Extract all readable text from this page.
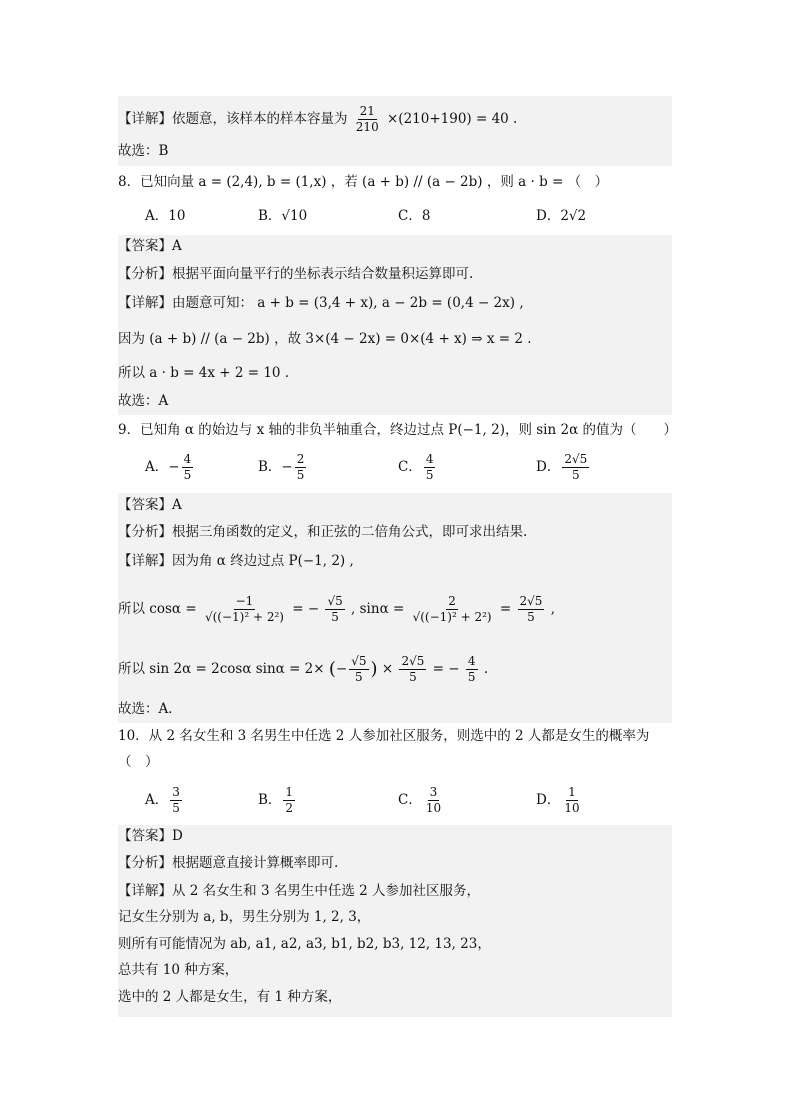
【详解】依题意，该样本的样本容量为 $\frac{21}{210} \times(210+190) = 40$ .
故选：B
8．已知向量 a = (2,4), b = (1,x) ，若 (a + b) // (a − 2b) ，则 a · b = （　）
A．10	B．√10	C．8	D．2√2
【答案】A
【分析】根据平面向量平行的坐标表示结合数量积运算即可.
【详解】由题意可知： a + b = (3,4 + x), a − 2b = (0,4 − 2x) ,
因为 (a + b) // (a − 2b) ，故 3×(4 − 2x) = 0×(4 + x) ⇒ x = 2 .
所以 a · b = 4x + 2 = 10 .
故选：A
9．已知角 α 的始边与 x 轴的非负半轴重合，终边过点 P(−1, 2)，则 sin 2α 的值为（　　）
A．− $\frac{4}{5}$	B．− $\frac{2}{5}$	C． $\frac{4}{5}$	D． $\frac{2√5}{5}$
【答案】A
【分析】根据三角函数的定义，和正弦的二倍角公式，即可求出结果.
【详解】因为角 α 终边过点 P(−1, 2) ,
所以 $\cos\alpha = \frac{-1}{\text{√((−1)² + 2²)}}$ = − $\frac{√5}{5}$ , $\sin\alpha = \frac{2}{\text{√((−1)² + 2²)}} = \frac{2√5}{5}$ ,
所以 sin 2α = 2cosα sinα = 2× (− $\frac{√5}{5}$ ) × $\frac{2√5}{5}$ = − $\frac{4}{5}$ .
故选：A．
10．从 2 名女生和 3 名男生中任选 2 人参加社区服务，则选中的 2 人都是女生的概率为
（　）
A． $\frac{3}{5}$	B． $\frac{1}{2}$	C． $\frac{3}{10}$	D． $\frac{1}{10}$
【答案】D
【分析】根据题意直接计算概率即可.
【详解】从 2 名女生和 3 名男生中任选 2 人参加社区服务，
记女生分别为 a, b，男生分别为 1, 2, 3，
则所有可能情况为 ab, a1, a2, a3, b1, b2, b3, 12, 13, 23，
总共有 10 种方案，
选中的 2 人都是女生，有 1 种方案，
